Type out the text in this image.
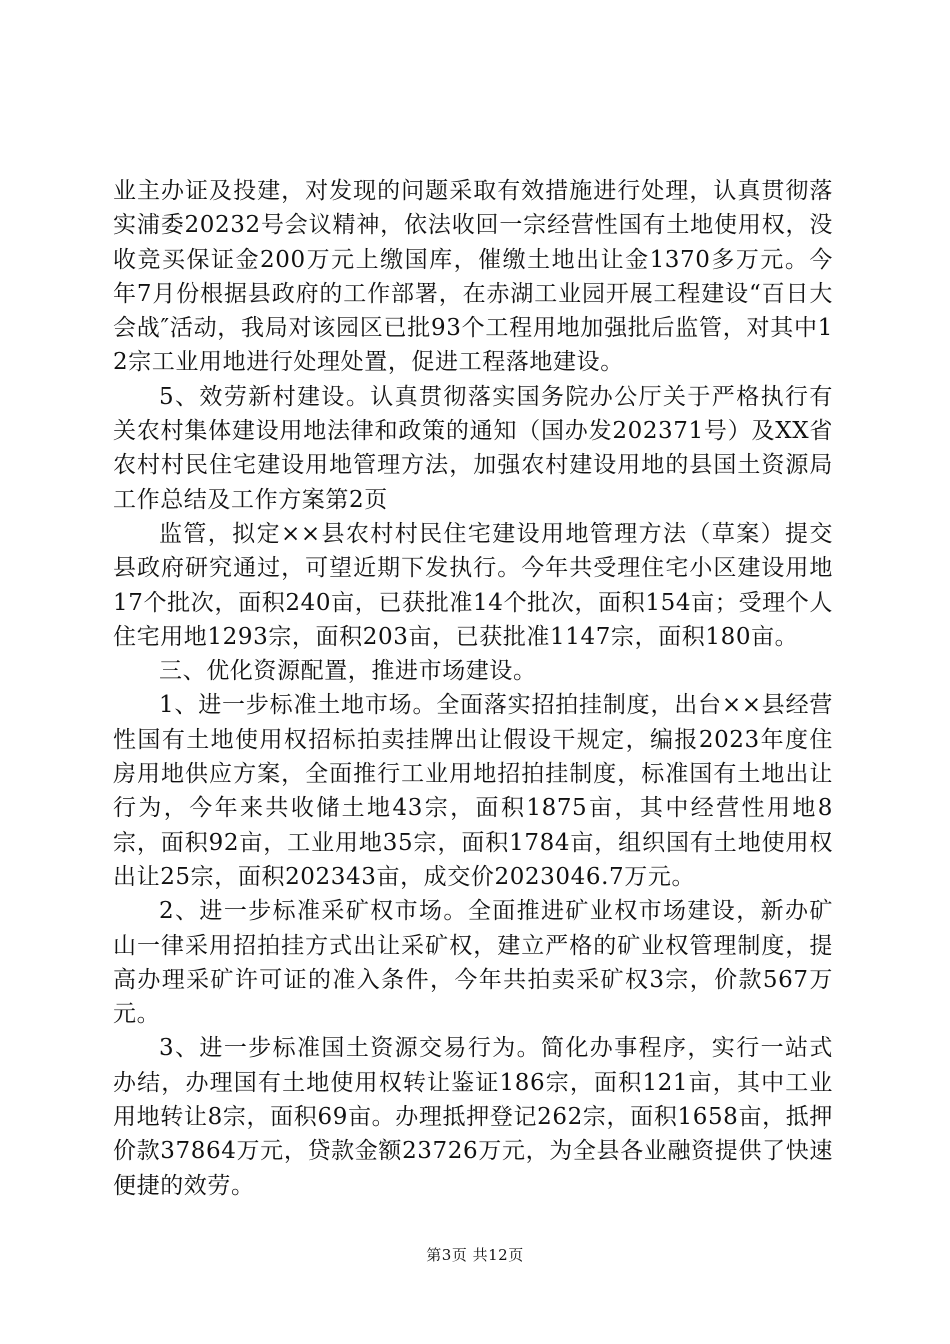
业主办证及投建，对发现的问题采取有效措施进行处理，认真贯彻落实浦委20232号会议精神，依法收回一宗经营性国有土地使用权，没收竞买保证金200万元上缴国库，催缴土地出让金1370多万元。今年7月份根据县政府的工作部署，在赤湖工业园开展工程建设“百日大会战″活动，我局对该园区已批93个工程用地加强批后监管，对其中12宗工业用地进行处理处置，促进工程落地建设。

5、效劳新村建设。认真贯彻落实国务院办公厅关于严格执行有关农村集体建设用地法律和政策的通知（国办发202371号）及XX省农村村民住宅建设用地管理方法，加强农村建设用地的县国土资源局工作总结及工作方案第2页

监管，拟定××县农村村民住宅建设用地管理方法（草案）提交县政府研究通过，可望近期下发执行。今年共受理住宅小区建设用地17个批次，面积240亩，已获批准14个批次，面积154亩；受理个人住宅用地1293宗，面积203亩，已获批准1147宗，面积180亩。

三、优化资源配置，推进市场建设。

1、进一步标准土地市场。全面落实招拍挂制度，出台××县经营性国有土地使用权招标拍卖挂牌出让假设干规定，编报2023年度住房用地供应方案，全面推行工业用地招拍挂制度，标准国有土地出让行为，今年来共收储土地43宗，面积1875亩，其中经营性用地8宗，面积92亩，工业用地35宗，面积1784亩，组织国有土地使用权出让25宗，面积202343亩，成交价2023046.7万元。

2、进一步标准采矿权市场。全面推进矿业权市场建设，新办矿山一律采用招拍挂方式出让采矿权，建立严格的矿业权管理制度，提高办理采矿许可证的准入条件，今年共拍卖采矿权3宗，价款567万元。

3、进一步标准国土资源交易行为。简化办事程序，实行一站式办结，办理国有土地使用权转让鉴证186宗，面积121亩，其中工业用地转让8宗，面积69亩。办理抵押登记262宗，面积1658亩，抵押价款37864万元，贷款金额23726万元，为全县各业融资提供了快速便捷的效劳。

第3页 共12页
